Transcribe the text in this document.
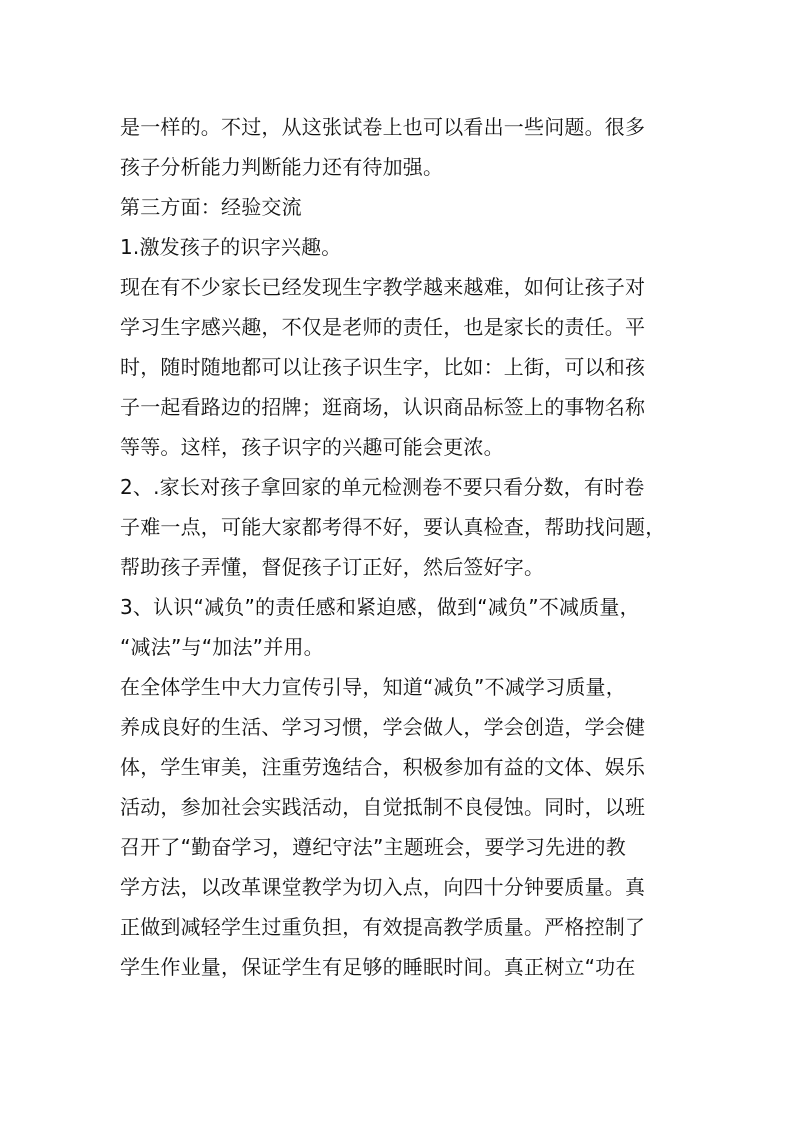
是一样的。不过，从这张试卷上也可以看出一些问题。很多
孩子分析能力判断能力还有待加强。
第三方面：经验交流
1.激发孩子的识字兴趣。
现在有不少家长已经发现生字教学越来越难，如何让孩子对
学习生字感兴趣，不仅是老师的责任，也是家长的责任。平
时，随时随地都可以让孩子识生字，比如：上街，可以和孩
子一起看路边的招牌；逛商场，认识商品标签上的事物名称
等等。这样，孩子识字的兴趣可能会更浓。
2、.家长对孩子拿回家的单元检测卷不要只看分数，有时卷
子难一点，可能大家都考得不好，要认真检查，帮助找问题，
帮助孩子弄懂，督促孩子订正好，然后签好字。
3、认识“减负”的责任感和紧迫感，做到“减负”不减质量，
“减法”与“加法”并用。
在全体学生中大力宣传引导，知道“减负”不减学习质量，
养成良好的生活、学习习惯，学会做人，学会创造，学会健
体，学生审美，注重劳逸结合，积极参加有益的文体、娱乐
活动，参加社会实践活动，自觉抵制不良侵蚀。同时，以班
召开了“勤奋学习，遵纪守法”主题班会，要学习先进的教
学方法，以改革课堂教学为切入点，向四十分钟要质量。真
正做到减轻学生过重负担，有效提高教学质量。严格控制了
学生作业量，保证学生有足够的睡眠时间。真正树立“功在
